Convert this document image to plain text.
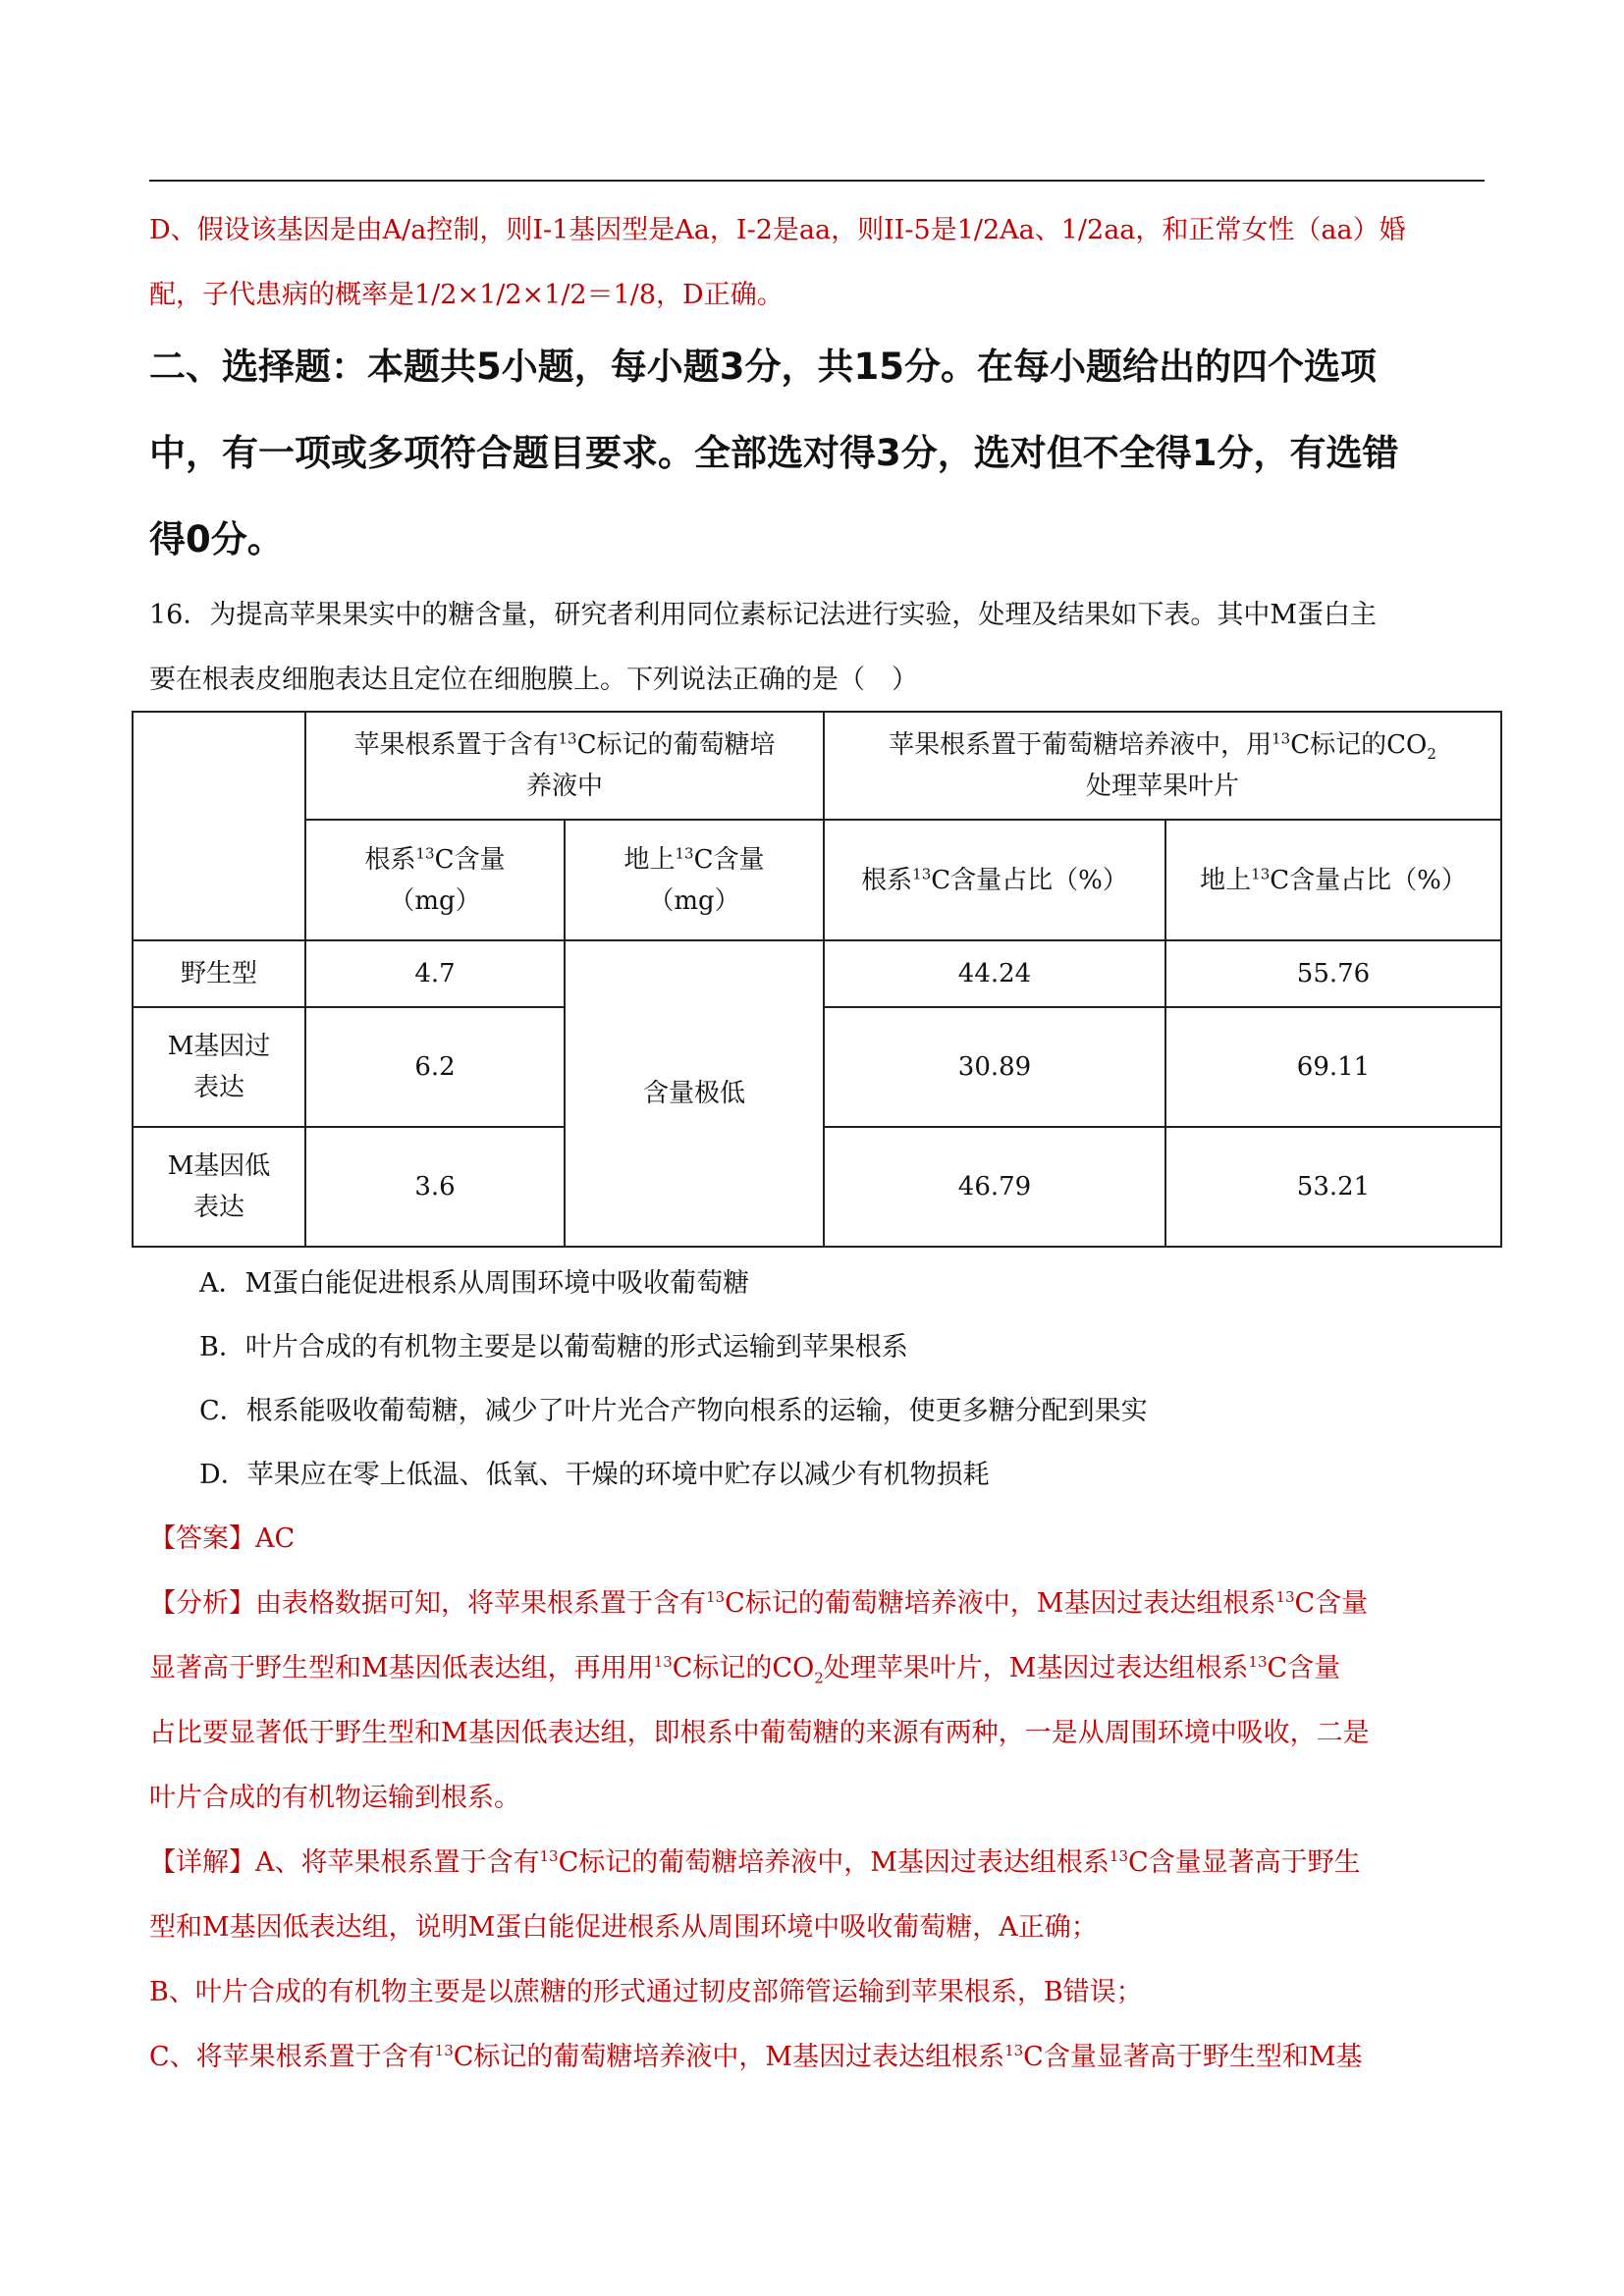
D、假设该基因是由A/a控制，则I-1基因型是Aa，I-2是aa，则II-5是1/2Aa、1/2aa，和正常女性（aa）婚

配，子代患病的概率是1/2×1/2×1/2＝1/8，D正确。

二、选择题：本题共5小题，每小题3分，共15分。在每小题给出的四个选项

中，有一项或多项符合题目要求。全部选对得3分，选对但不全得1分，有选错

得0分。

16．为提高苹果果实中的糖含量，研究者利用同位素标记法进行实验，处理及结果如下表。其中M蛋白主

要在根表皮细胞表达且定位在细胞膜上。下列说法正确的是（　）

	苹果根系置于含有$^{13}$C标记的葡萄糖培
养液中		苹果根系置于葡萄糖培养液中，用$^{13}$C标记的$CO_2$
处理苹果叶片	
	根系$^{13}$C含量
（mg）	地上$^{13}$C含量
（mg）	根系$^{13}$C含量占比（%）	地上$^{13}$C含量占比（%）
野生型	4.7	含量极低	44.24	55.76
M基因过
表达	6.2		30.89	69.11
M基因低
表达	3.6		46.79	53.21

A．M蛋白能促进根系从周围环境中吸收葡萄糖

B．叶片合成的有机物主要是以葡萄糖的形式运输到苹果根系

C．根系能吸收葡萄糖，减少了叶片光合产物向根系的运输，使更多糖分配到果实

D．苹果应在零上低温、低氧、干燥的环境中贮存以减少有机物损耗

【答案】AC

【分析】由表格数据可知，将苹果根系置于含有$^{13}$C标记的葡萄糖培养液中，M基因过表达组根系$^{13}$C含量

显著高于野生型和M基因低表达组，再用用$^{13}$C标记的$CO_2$处理苹果叶片，M基因过表达组根系$^{13}$C含量

占比要显著低于野生型和M基因低表达组，即根系中葡萄糖的来源有两种，一是从周围环境中吸收，二是

叶片合成的有机物运输到根系。

【详解】A、将苹果根系置于含有$^{13}$C标记的葡萄糖培养液中，M基因过表达组根系$^{13}$C含量显著高于野生

型和M基因低表达组，说明M蛋白能促进根系从周围环境中吸收葡萄糖，A正确；

B、叶片合成的有机物主要是以蔗糖的形式通过韧皮部筛管运输到苹果根系，B错误；

C、将苹果根系置于含有$^{13}$C标记的葡萄糖培养液中，M基因过表达组根系$^{13}$C含量显著高于野生型和M基
